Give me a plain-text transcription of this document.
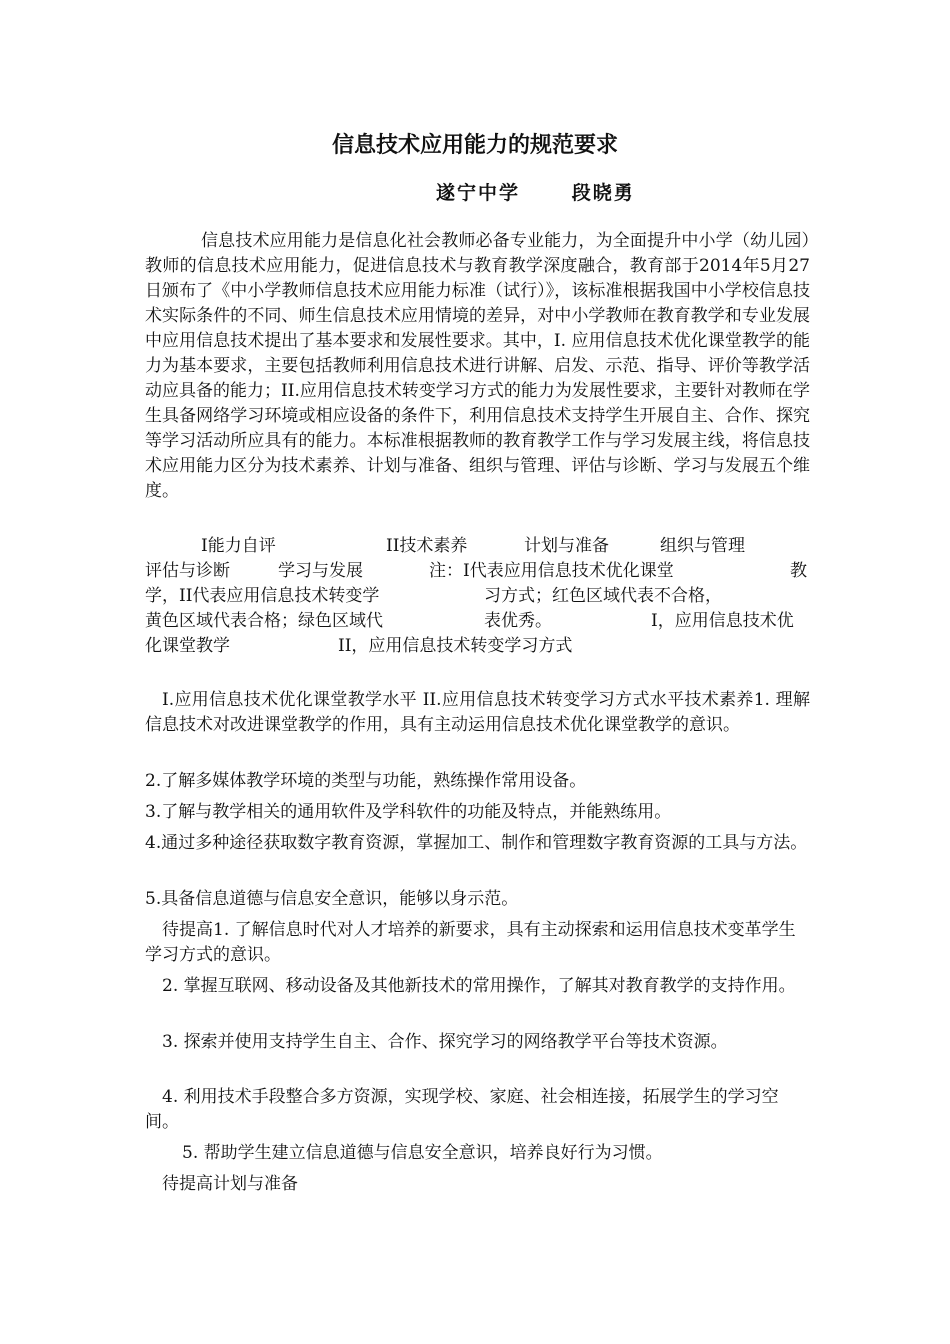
信息技术应用能力的规范要求
遂宁中学      段晓勇
信息技术应用能力是信息化社会教师必备专业能力，为全面提升中小学（幼儿园）教师的信息技术应用能力，促进信息技术与教育教学深度融合，教育部于2014年5月27日颁布了《中小学教师信息技术应用能力标准（试行）》，该标准根据我国中小学校信息技术实际条件的不同、师生信息技术应用情境的差异，对中小学教师在教育教学和专业发展中应用信息技术提出了基本要求和发展性要求。其中，I. 应用信息技术优化课堂教学的能力为基本要求，主要包括教师利用信息技术进行讲解、启发、示范、指导、评价等教学活动应具备的能力；II.应用信息技术转变学习方式的能力为发展性要求，主要针对教师在学生具备网络学习环境或相应设备的条件下，利用信息技术支持学生开展自主、合作、探究等学习活动所应具有的能力。本标准根据教师的教育教学工作与学习发展主线，将信息技术应用能力区分为技术素养、计划与准备、组织与管理、评估与诊断、学习与发展五个维度。
I能力自评	II技术素养	计划与准备	组织与管理
评估与诊断	学习与发展	注：I代表应用信息技术优化课堂	教
学，II代表应用信息技术转变学	习方式；红色区域代表不合格，
黄色区域代表合格；绿色区域代	表优秀。	I，应用信息技术优
化课堂教学	II，应用信息技术转变学习方式
I.应用信息技术优化课堂教学水平 II.应用信息技术转变学习方式水平技术素养1. 理解信息技术对改进课堂教学的作用，具有主动运用信息技术优化课堂教学的意识。
2.了解多媒体教学环境的类型与功能，熟练操作常用设备。
3.了解与教学相关的通用软件及学科软件的功能及特点，并能熟练用。
4.通过多种途径获取数字教育资源，掌握加工、制作和管理数字教育资源的工具与方法。
5.具备信息道德与信息安全意识，能够以身示范。
待提高1. 了解信息时代对人才培养的新要求，具有主动探索和运用信息技术变革学生学习方式的意识。
2. 掌握互联网、移动设备及其他新技术的常用操作，了解其对教育教学的支持作用。
3. 探索并使用支持学生自主、合作、探究学习的网络教学平台等技术资源。
4. 利用技术手段整合多方资源，实现学校、家庭、社会相连接，拓展学生的学习空间。
5. 帮助学生建立信息道德与信息安全意识，培养良好行为习惯。
待提高计划与准备
